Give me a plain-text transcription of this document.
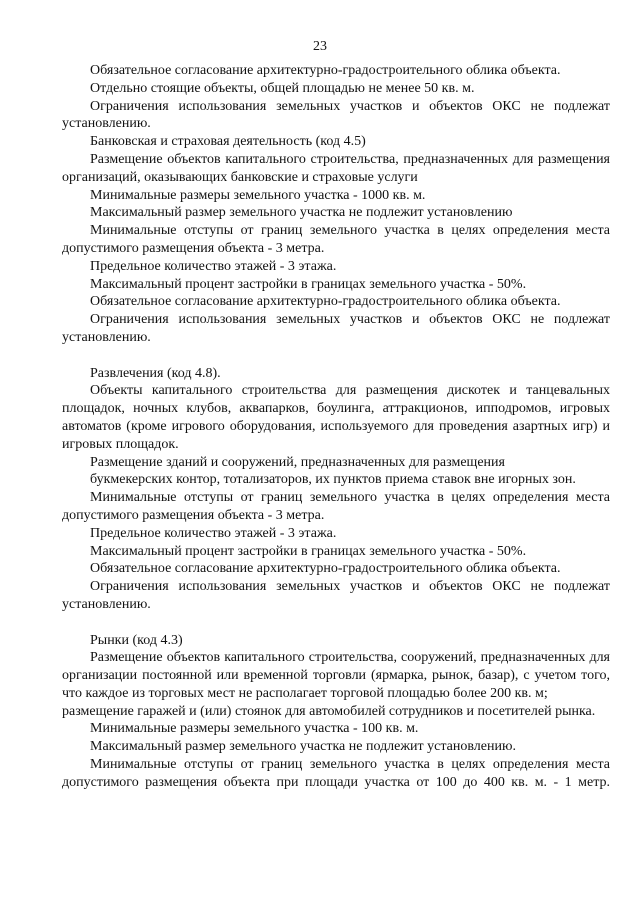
23

Обязательное согласование архитектурно-градостроительного облика объекта.

Отдельно стоящие объекты, общей площадью не менее 50 кв. м.

Ограничения использования земельных участков и объектов ОКС не подлежат установлению.

Банковская и страховая деятельность (код 4.5)

Размещение объектов капитального строительства, предназначенных для размещения организаций, оказывающих банковские и страховые услуги

Минимальные размеры земельного участка - 1000 кв. м.

Максимальный размер земельного участка не подлежит установлению

Минимальные отступы от границ земельного участка в целях определения места допустимого размещения объекта - 3 метра.

Предельное количество этажей - 3 этажа.

Максимальный процент застройки в границах земельного участка - 50%.

Обязательное согласование архитектурно-градостроительного облика объекта.

Ограничения использования земельных участков и объектов ОКС не подлежат установлению.

Развлечения (код 4.8).

Объекты капитального строительства для размещения дискотек и танцевальных площадок, ночных клубов, аквапарков, боулинга, аттракционов, ипподромов, игровых автоматов (кроме игрового оборудования, используемого для проведения азартных игр) и игровых площадок.

Размещение зданий и сооружений, предназначенных для размещения

букмекерских контор, тотализаторов, их пунктов приема ставок вне игорных зон.

Минимальные отступы от границ земельного участка в целях определения места допустимого размещения объекта - 3 метра.

Предельное количество этажей - 3 этажа.

Максимальный процент застройки в границах земельного участка - 50%.

Обязательное согласование архитектурно-градостроительного облика объекта.

Ограничения использования земельных участков и объектов ОКС не подлежат установлению.

Рынки (код 4.3)

Размещение объектов капитального строительства, сооружений, предназначенных для организации постоянной или временной торговли (ярмарка, рынок, базар), с учетом того, что каждое из торговых мест не располагает торговой площадью более 200 кв. м;

размещение гаражей и (или) стоянок для автомобилей сотрудников и посетителей рынка.

Минимальные размеры земельного участка - 100 кв. м.

Максимальный размер земельного участка не подлежит установлению.

Минимальные отступы от границ земельного участка в целях определения места допустимого размещения объекта при площади участка от 100 до 400 кв. м. - 1 метр.
